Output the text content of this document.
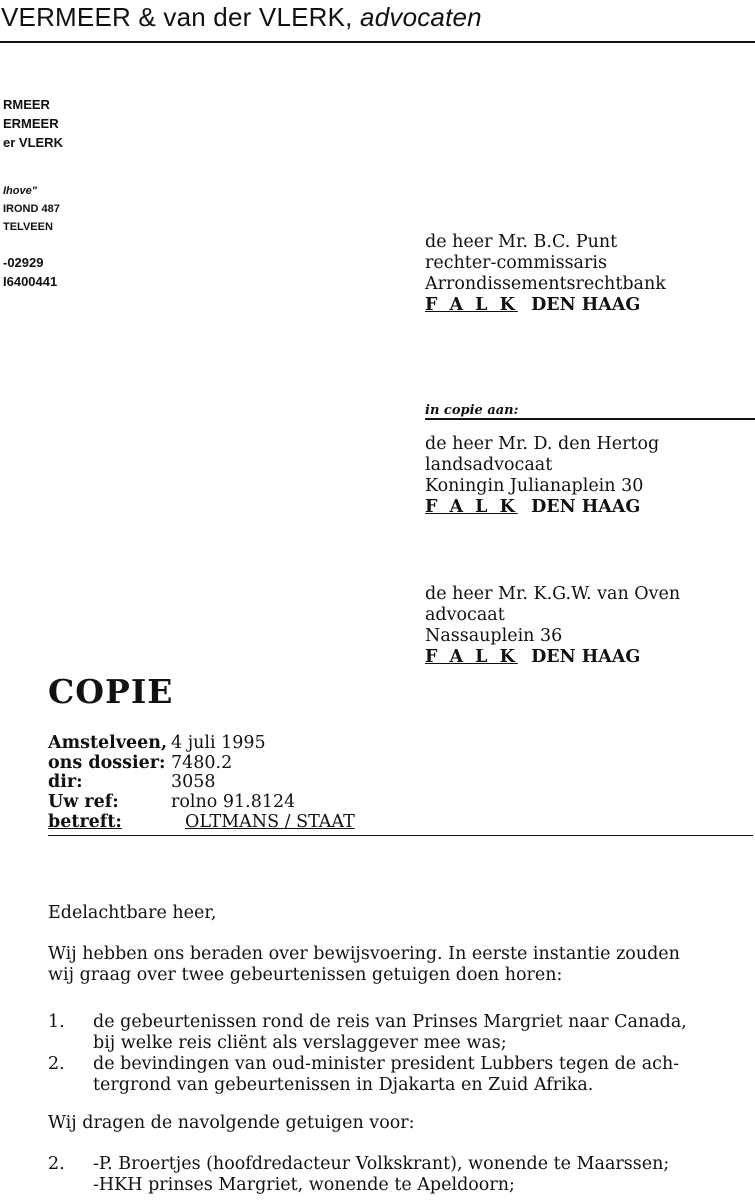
VERMEER & van der VLERK, advocaten
RMEER
ERMEER
er VLERK
Ihove"
IROND 487
TELVEEN
-02929
I6400441
de heer Mr. B.C. Punt
rechter-commissaris
Arrondissementsrechtbank
F A L K DEN HAAG
in copie aan:
de heer Mr. D. den Hertog
landsadvocaat
Koningin Julianaplein 30
F A L K DEN HAAG
de heer Mr. K.G.W. van Oven
advocaat
Nassauplein 36
F A L K DEN HAAG
COPIE
Amstelveen, 4 juli 1995
ons dossier: 7480.2
dir:	3058
Uw ref:	rolno 91.8124
betreft:	OLTMANS / STAAT
Edelachtbare heer,
Wij hebben ons beraden over bewijsvoering. In eerste instantie zouden
wij graag over twee gebeurtenissen getuigen doen horen:
1. de gebeurtenissen rond de reis van Prinses Margriet naar Canada,
bij welke reis cliënt als verslaggever mee was;
2. de bevindingen van oud-minister president Lubbers tegen de ach-
tergrond van gebeurtenissen in Djakarta en Zuid Afrika.
Wij dragen de navolgende getuigen voor:
2. -P. Broertjes (hoofdredacteur Volkskrant), wonende te Maarssen;
-HKH prinses Margriet, wonende te Apeldoorn;
